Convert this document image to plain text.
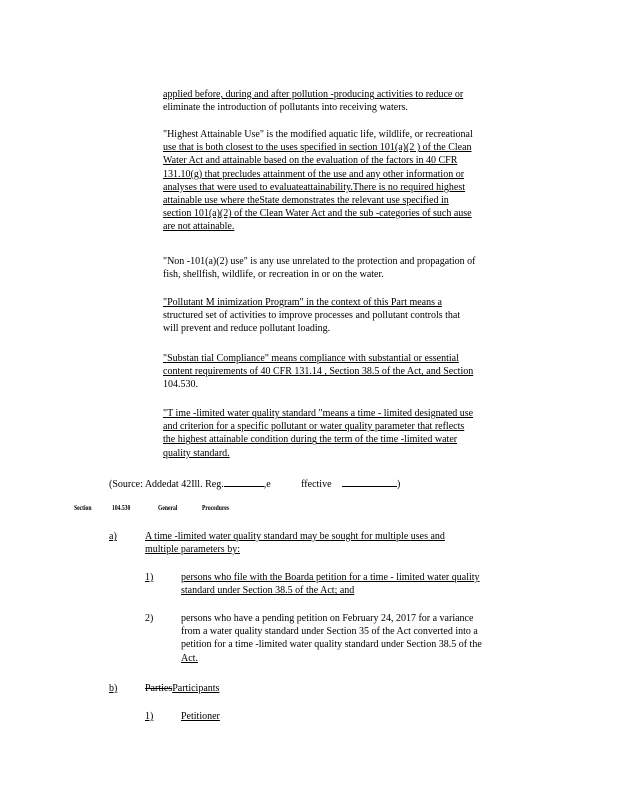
applied before, during and after pollution -producing activities to reduce or
eliminate the introduction of pollutants into receiving waters.

"Highest Attainable Use" is the modified aquatic life, wildlife, or recreational
use that is both closest to the uses specified in section 101(a)(2 ) of the Clean
Water Act and attainable based on the evaluation of the factors in 40 CFR
131.10(g) that precludes attainment of the use and any other information or
analyses that were used to evaluateattainability.There is no required highest
attainable use where theState demonstrates the relevant use specified in
section 101(a)(2) of the Clean Water Act and the sub -categories of such ause
are not attainable.

"Non -101(a)(2) use" is any use unrelated to the protection and propagation of
fish, shellfish, wildlife, or recreation in or on the water.

"Pollutant M inimization Program" in the context of this Part means a
structured set of activities to improve processes and pollutant controls that
will prevent and reduce pollutant loading.

"Substan tial Compliance" means compliance with substantial or essential
content requirements of 40 CFR 131.14 , Section 38.5 of the Act, and Section
104.530.

"T ime -limited water quality standard "means a time - limited designated use
and criterion for a specific pollutant or water quality parameter that reflects
the highest attainable condition during the term of the time -limited water
quality standard.

(Source: Addedat 42Ill. Reg.	,e	ffective	)
Section	104.530	General	Procedures
a)	A time -limited water quality standard may be sought for multiple uses and
multiple parameters by:

1)	persons who file with the Boarda petition for a time - limited water quality
standard under Section 38.5 of the Act; and

2)	persons who have a pending petition on February 24, 2017 for a variance
from a water quality standard under Section 35 of the Act converted into a
petition for a time -limited water quality standard under Section 38.5 of the
Act.

b)	PartiesParticipants
1)	Petitioner
